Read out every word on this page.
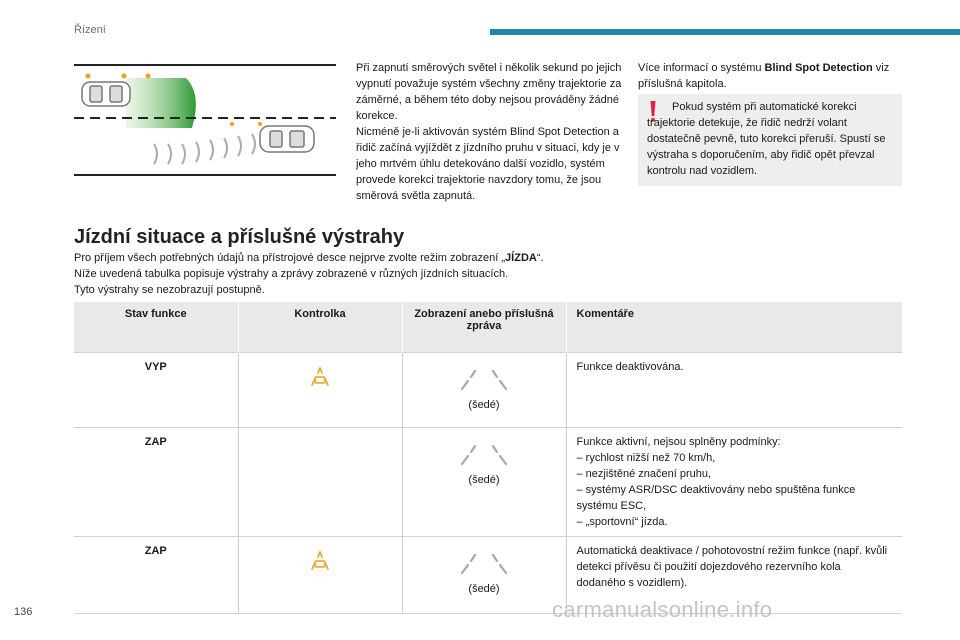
Řízení

Při zapnutí směrových světel i několik sekund po jejich vypnutí považuje systém všechny změny trajektorie za záměrné, a během této doby nejsou prováděny žádné korekce.

Nicméně je-li aktivován systém Blind Spot Detection a řidič začíná vyjíždět z jízdního pruhu v situaci, kdy je v jeho mrtvém úhlu detekováno další vozidlo, systém provede korekci trajektorie navzdory tomu, že jsou směrová světla zapnutá.

Více informací o systému Blind Spot Detection viz příslušná kapitola.

Pokud systém při automatické korekci trajektorie detekuje, že řidič nedrží volant dostatečně pevně, tuto korekci přeruší. Spustí se výstraha s doporučením, aby řidič opět převzal kontrolu nad vozidlem.
Jízdní situace a příslušné výstrahy

Pro příjem všech potřebných údajů na přístrojové desce nejprve zvolte režim zobrazení „JÍZDA“.

Níže uvedená tabulka popisuje výstrahy a zprávy zobrazené v různých jízdních situacích.

Tyto výstrahy se nezobrazují postupně.

Stav funkce	Kontrolka	Zobrazení anebo příslušná zpráva	Komentáře
VYP		(šedé)	Funkce deaktivována.
ZAP		(šedé)	Funkce aktivní, nejsou splněny podmínky:
– rychlost nižší než 70 km/h,
– nezjištěné značení pruhu,
– systémy ASR/DSC deaktivovány nebo spuštěna funkce systému ESC,
– „sportovní“ jízda.

ZAP		(šedé)	Automatická deaktivace / pohotovostní režim funkce (např. kvůli detekci přívěsu či použití dojezdového rezervního kola dodaného s vozidlem).
136	carmanualsonline.info
